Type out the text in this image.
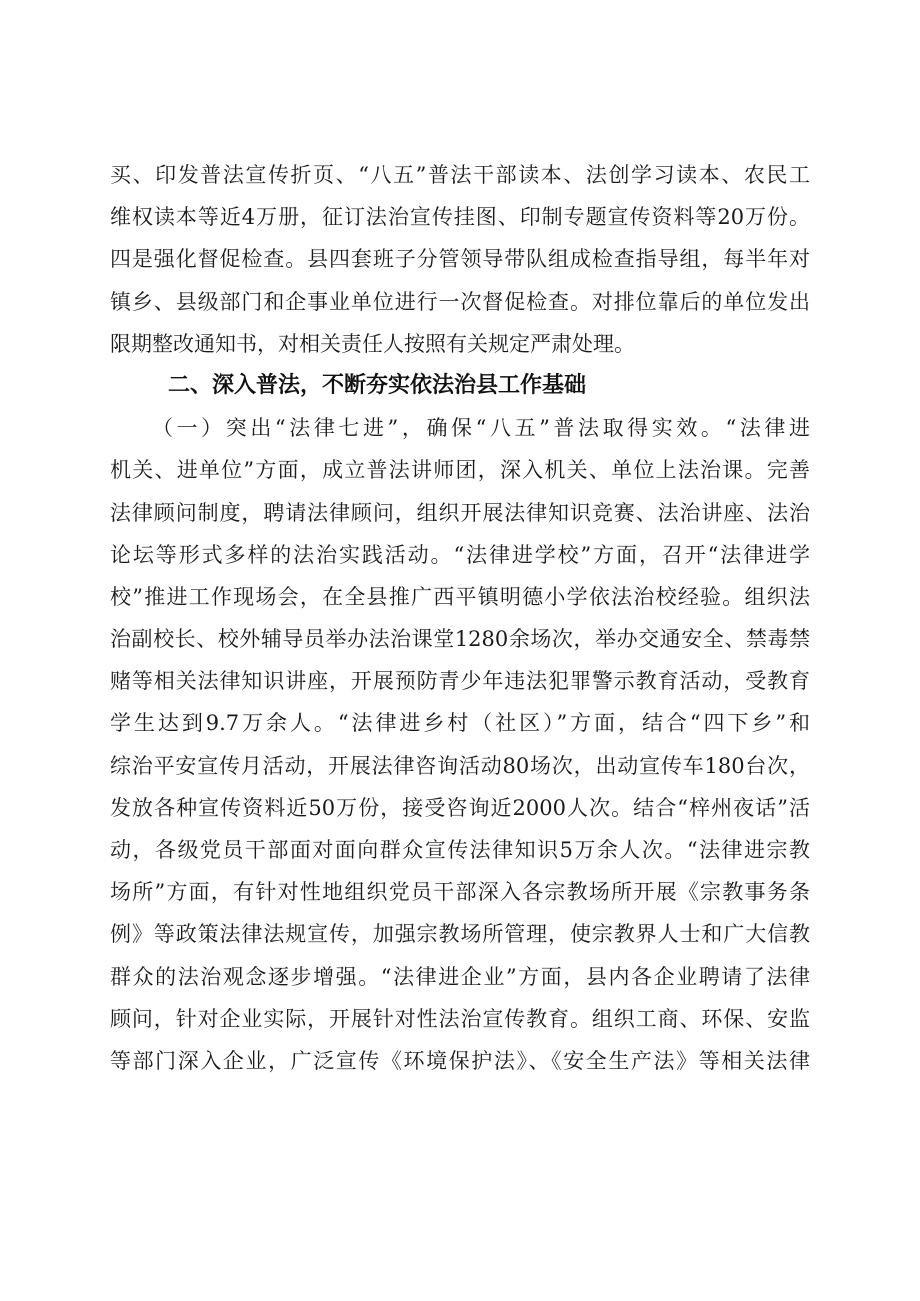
买、印发普法宣传折页、“八五”普法干部读本、法创学习读本、农民工
维权读本等近4万册，征订法治宣传挂图、印制专题宣传资料等20万份。
四是强化督促检查。县四套班子分管领导带队组成检查指导组，每半年对
镇乡、县级部门和企事业单位进行一次督促检查。对排位靠后的单位发出
限期整改通知书，对相关责任人按照有关规定严肃处理。
二、深入普法，不断夯实依法治县工作基础
（一）突出“法律七进”，确保“八五”普法取得实效。“法律进
机关、进单位”方面，成立普法讲师团，深入机关、单位上法治课。完善
法律顾问制度，聘请法律顾问，组织开展法律知识竞赛、法治讲座、法治
论坛等形式多样的法治实践活动。“法律进学校”方面，召开“法律进学
校”推进工作现场会，在全县推广西平镇明德小学依法治校经验。组织法
治副校长、校外辅导员举办法治课堂1280余场次，举办交通安全、禁毒禁
赌等相关法律知识讲座，开展预防青少年违法犯罪警示教育活动，受教育
学生达到9.7万余人。“法律进乡村（社区）”方面，结合“四下乡”和
综治平安宣传月活动，开展法律咨询活动80场次，出动宣传车180台次，
发放各种宣传资料近50万份，接受咨询近2000人次。结合“梓州夜话”活
动，各级党员干部面对面向群众宣传法律知识5万余人次。“法律进宗教
场所”方面，有针对性地组织党员干部深入各宗教场所开展《宗教事务条
例》等政策法律法规宣传，加强宗教场所管理，使宗教界人士和广大信教
群众的法治观念逐步增强。“法律进企业”方面，县内各企业聘请了法律
顾问，针对企业实际，开展针对性法治宣传教育。组织工商、环保、安监
等部门深入企业，广泛宣传《环境保护法》、《安全生产法》等相关法律
